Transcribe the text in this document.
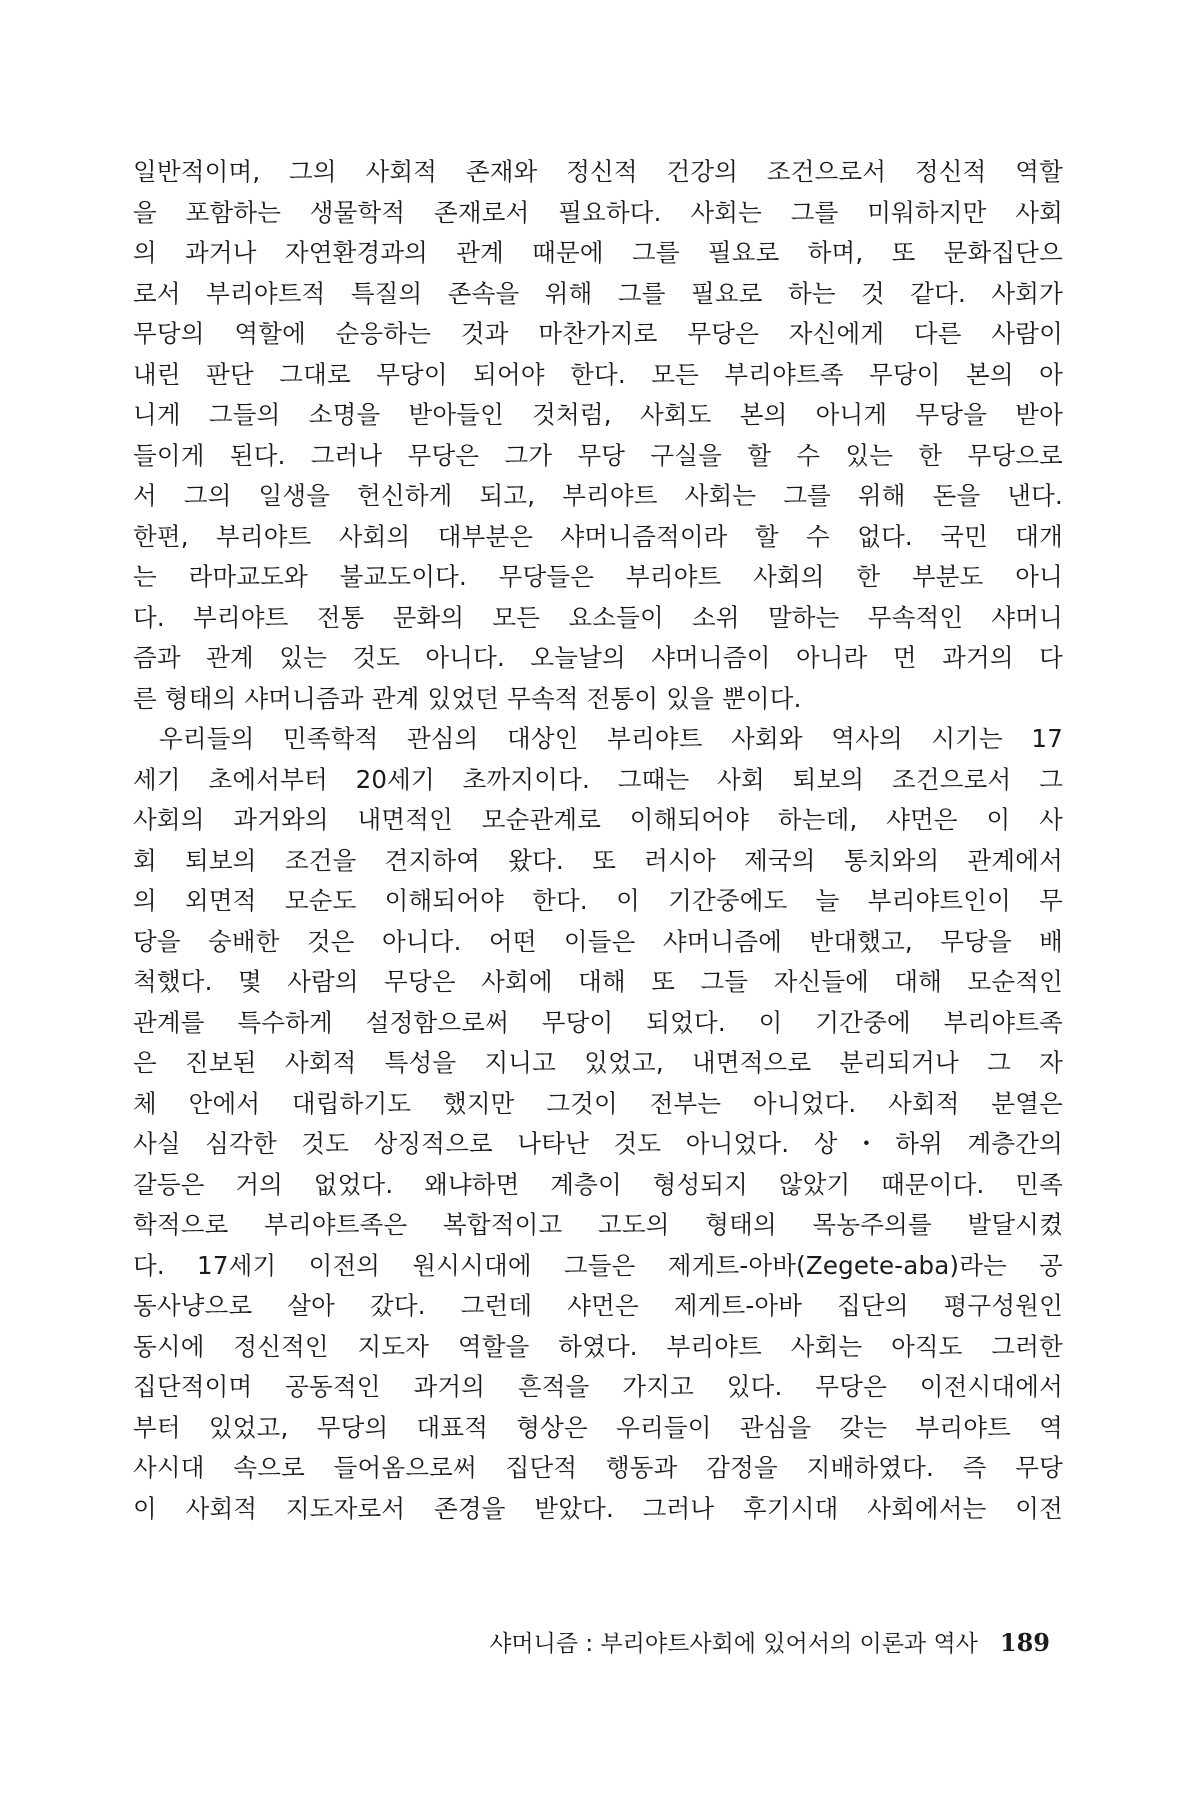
일반적이며, 그의 사회적 존재와 정신적 건강의 조건으로서 정신적 역할
을 포함하는 생물학적 존재로서 필요하다. 사회는 그를 미워하지만 사회
의 과거나 자연환경과의 관계 때문에 그를 필요로 하며, 또 문화집단으
로서 부리야트적 특질의 존속을 위해 그를 필요로 하는 것 같다. 사회가
무당의 역할에 순응하는 것과 마찬가지로 무당은 자신에게 다른 사람이
내린 판단 그대로 무당이 되어야 한다. 모든 부리야트족 무당이 본의 아
니게 그들의 소명을 받아들인 것처럼, 사회도 본의 아니게 무당을 받아
들이게 된다. 그러나 무당은 그가 무당 구실을 할 수 있는 한 무당으로
서 그의 일생을 헌신하게 되고, 부리야트 사회는 그를 위해 돈을 낸다.
한편, 부리야트 사회의 대부분은 샤머니즘적이라 할 수 없다. 국민 대개
는 라마교도와 불교도이다. 무당들은 부리야트 사회의 한 부분도 아니
다. 부리야트 전통 문화의 모든 요소들이 소위 말하는 무속적인 샤머니
즘과 관계 있는 것도 아니다. 오늘날의 샤머니즘이 아니라 먼 과거의 다
른 형태의 샤머니즘과 관계 있었던 무속적 전통이 있을 뿐이다.
우리들의 민족학적 관심의 대상인 부리야트 사회와 역사의 시기는 17
세기 초에서부터 20세기 초까지이다. 그때는 사회 퇴보의 조건으로서 그
사회의 과거와의 내면적인 모순관계로 이해되어야 하는데, 샤먼은 이 사
회 퇴보의 조건을 견지하여 왔다. 또 러시아 제국의 통치와의 관계에서
의 외면적 모순도 이해되어야 한다. 이 기간중에도 늘 부리야트인이 무
당을 숭배한 것은 아니다. 어떤 이들은 샤머니즘에 반대했고, 무당을 배
척했다. 몇 사람의 무당은 사회에 대해 또 그들 자신들에 대해 모순적인
관계를 특수하게 설정함으로써 무당이 되었다. 이 기간중에 부리야트족
은 진보된 사회적 특성을 지니고 있었고, 내면적으로 분리되거나 그 자
체 안에서 대립하기도 했지만 그것이 전부는 아니었다. 사회적 분열은
사실 심각한 것도 상징적으로 나타난 것도 아니었다. 상・하위 계층간의
갈등은 거의 없었다. 왜냐하면 계층이 형성되지 않았기 때문이다. 민족
학적으로 부리야트족은 복합적이고 고도의 형태의 목농주의를 발달시켰
다. 17세기 이전의 원시시대에 그들은 제게트-아바(Zegete-aba)라는 공
동사냥으로 살아 갔다. 그런데 샤먼은 제게트-아바 집단의 평구성원인
동시에 정신적인 지도자 역할을 하였다. 부리야트 사회는 아직도 그러한
집단적이며 공동적인 과거의 흔적을 가지고 있다. 무당은 이전시대에서
부터 있었고, 무당의 대표적 형상은 우리들이 관심을 갖는 부리야트 역
사시대 속으로 들어옴으로써 집단적 행동과 감정을 지배하였다. 즉 무당
이 사회적 지도자로서 존경을 받았다. 그러나 후기시대 사회에서는 이전
샤머니즘 : 부리야트사회에 있어서의 이론과 역사 189
